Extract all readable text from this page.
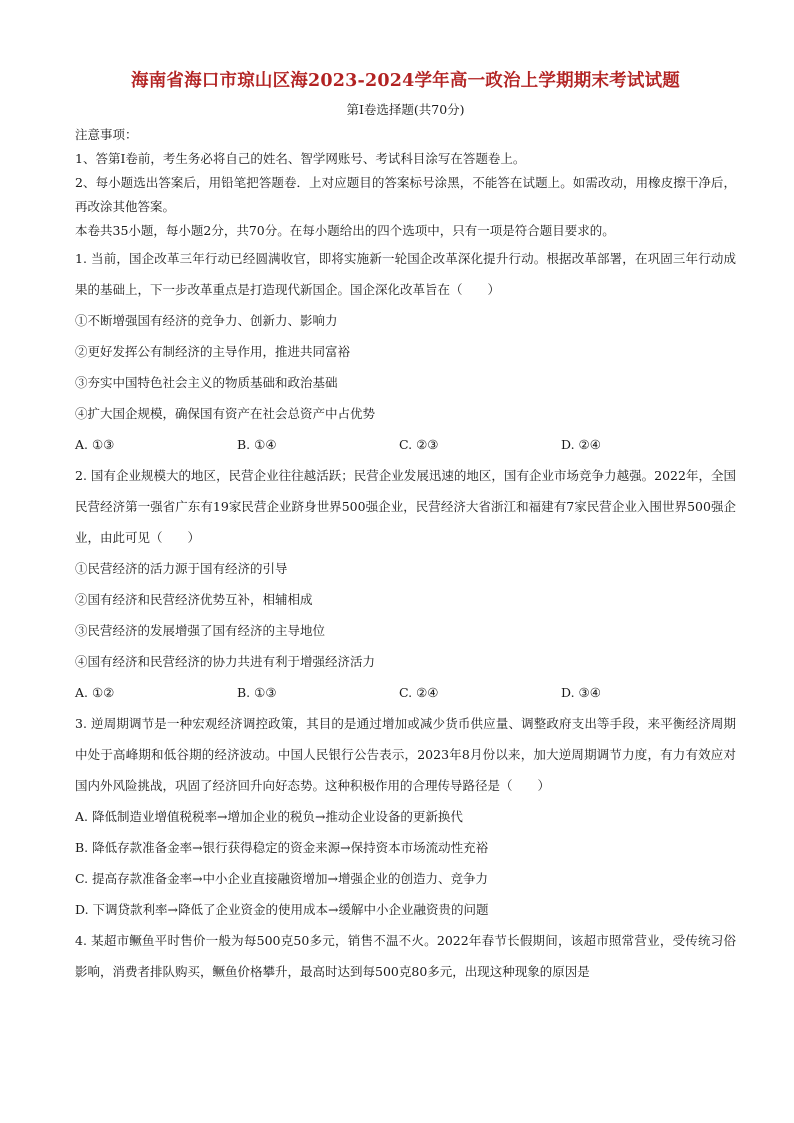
海南省海口市琼山区海2023-2024学年高一政治上学期期末考试试题
第Ⅰ卷选择题(共70分)

注意事项：

1、答第Ⅰ卷前，考生务必将自己的姓名、智学网账号、考试科目涂写在答题卷上。

2、每小题选出答案后，用铅笔把答题卷．上对应题目的答案标号涂黑，不能答在试题上。如需改动，用橡皮擦干净后，再改涂其他答案。

本卷共35小题，每小题2分，共70分。在每小题给出的四个选项中，只有一项是符合题目要求的。

1. 当前，国企改革三年行动已经圆满收官，即将实施新一轮国企改革深化提升行动。根据改革部署，在巩固三年行动成果的基础上，下一步改革重点是打造现代新国企。国企深化改革旨在（　　）

①不断增强国有经济的竞争力、创新力、影响力

②更好发挥公有制经济的主导作用，推进共同富裕

③夯实中国特色社会主义的物质基础和政治基础

④扩大国企规模，确保国有资产在社会总资产中占优势

A. ①③	B. ①④	C. ②③	D. ②④

2. 国有企业规模大的地区，民营企业往往越活跃；民营企业发展迅速的地区，国有企业市场竞争力越强。2022年，全国民营经济第一强省广东有19家民营企业跻身世界500强企业，民营经济大省浙江和福建有7家民营企业入围世界500强企业，由此可见（　　）

①民营经济的活力源于国有经济的引导

②国有经济和民营经济优势互补，相辅相成

③民营经济的发展增强了国有经济的主导地位

④国有经济和民营经济的协力共进有利于增强经济活力

A. ①②	B. ①③	C. ②④	D. ③④

3. 逆周期调节是一种宏观经济调控政策，其目的是通过增加或减少货币供应量、调整政府支出等手段，来平衡经济周期中处于高峰期和低谷期的经济波动。中国人民银行公告表示，2023年8月份以来，加大逆周期调节力度，有力有效应对国内外风险挑战，巩固了经济回升向好态势。这种积极作用的合理传导路径是（　　）

A. 降低制造业增值税税率→增加企业的税负→推动企业设备的更新换代

B. 降低存款准备金率→银行获得稳定的资金来源→保持资本市场流动性充裕

C. 提高存款准备金率→中小企业直接融资增加→增强企业的创造力、竞争力

D. 下调贷款利率→降低了企业资金的使用成本→缓解中小企业融资贵的问题

4. 某超市鳜鱼平时售价一般为每500克50多元，销售不温不火。2022年春节长假期间，该超市照常营业，受传统习俗影响，消费者排队购买，鳜鱼价格攀升，最高时达到每500克80多元，出现这种现象的原因是
